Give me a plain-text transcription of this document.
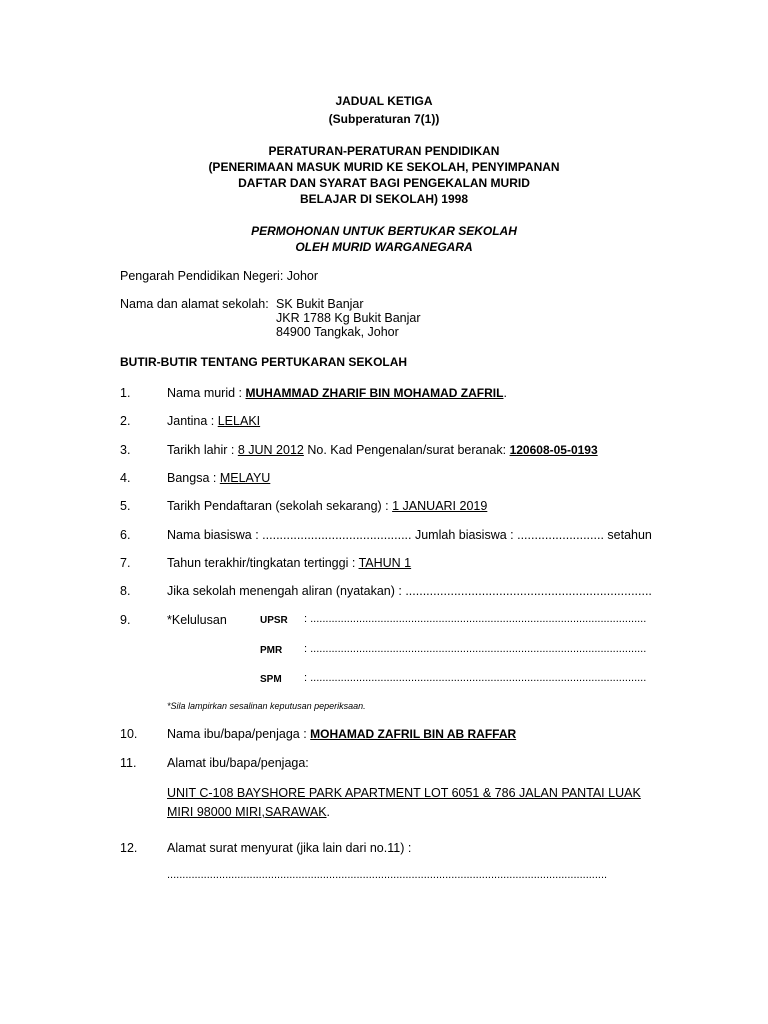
JADUAL KETIGA
(Subperaturan 7(1))
PERATURAN-PERATURAN PENDIDIKAN
(PENERIMAAN MASUK MURID KE SEKOLAH, PENYIMPANAN
DAFTAR DAN SYARAT BAGI PENGEKALAN MURID
BELAJAR DI SEKOLAH) 1998
PERMOHONAN UNTUK BERTUKAR SEKOLAH
OLEH MURID WARGANEGARA
Pengarah Pendidikan Negeri: Johor
Nama dan alamat sekolah: SK Bukit Banjar
JKR 1788 Kg Bukit Banjar
84900 Tangkak, Johor
BUTIR-BUTIR TENTANG PERTUKARAN SEKOLAH
1.	Nama murid : MUHAMMAD ZHARIF BIN MOHAMAD ZAFRIL.
2.	Jantina : LELAKI
3.	Tarikh lahir : 8 JUN 2012 No. Kad Pengenalan/surat beranak: 120608-05-0193
4.	Bangsa : MELAYU
5.	Tarikh Pendaftaran (sekolah sekarang) : 1 JANUARI 2019
6.	Nama biasiswa : ........................................... Jumlah biasiswa : ......................... setahun
7.	Tahun terakhir/tingkatan tertinggi : TAHUN 1
8.	Jika sekolah menengah aliran (nyatakan) : .......................................................................
9.	*Kelulusan	UPSR : ..............................................................................................................
PMR : ..............................................................................................................
SPM : ..............................................................................................................
*Sila lampirkan sesalinan keputusan peperiksaan.
10. Nama ibu/bapa/penjaga : MOHAMAD ZAFRIL BIN AB RAFFAR
11. Alamat ibu/bapa/penjaga:
UNIT C-108 BAYSHORE PARK APARTMENT LOT 6051 & 786 JALAN PANTAI LUAK
MIRI 98000 MIRI,SARAWAK.
12. Alamat surat menyurat (jika lain dari no.11) :
................................................................................................................................................
